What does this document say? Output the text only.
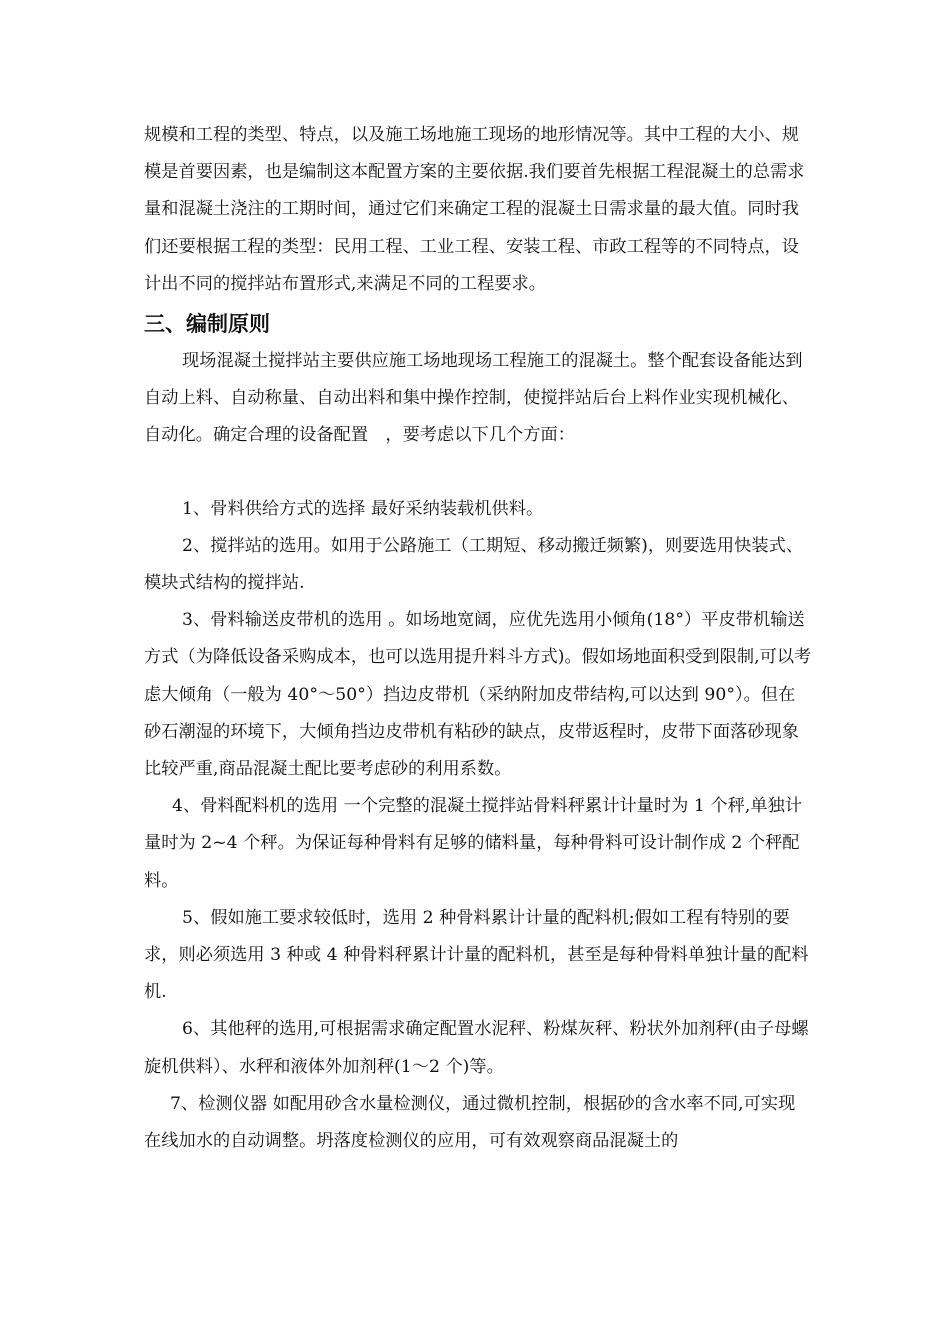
规模和工程的类型、特点，以及施工场地施工现场的地形情况等。其中工程的大小、规模是首要因素，也是编制这本配置方案的主要依据.我们要首先根据工程混凝土的总需求量和混凝土浇注的工期时间，通过它们来确定工程的混凝土日需求量的最大值。同时我们还要根据工程的类型：民用工程、工业工程、安装工程、市政工程等的不同特点，设计出不同的搅拌站布置形式,来满足不同的工程要求。

三、编制原则

现场混凝土搅拌站主要供应施工场地现场工程施工的混凝土。整个配套设备能达到自动上料、自动称量、自动出料和集中操作控制，使搅拌站后台上料作业实现机械化、自动化。确定合理的设备配置　，要考虑以下几个方面：

1、骨料供给方式的选择 最好采纳装载机供料。

2、搅拌站的选用。如用于公路施工（工期短、移动搬迁频繁)，则要选用快装式、模块式结构的搅拌站.

3、骨料输送皮带机的选用 。如场地宽阔，应优先选用小倾角(18°）平皮带机输送方式（为降低设备采购成本，也可以选用提升料斗方式)。假如场地面积受到限制,可以考虑大倾角（一般为 40°～50°）挡边皮带机（采纳附加皮带结构,可以达到 90°）。但在砂石潮湿的环境下，大倾角挡边皮带机有粘砂的缺点，皮带返程时，皮带下面落砂现象比较严重,商品混凝土配比要考虑砂的利用系数。

4、骨料配料机的选用 一个完整的混凝土搅拌站骨料秤累计计量时为 1 个秤,单独计量时为 2~4 个秤。为保证每种骨料有足够的储料量，每种骨料可设计制作成 2 个秤配料。

5、假如施工要求较低时，选用 2 种骨料累计计量的配料机;假如工程有特别的要求，则必须选用 3 种或 4 种骨料秤累计计量的配料机，甚至是每种骨料单独计量的配料机.

6、其他秤的选用,可根据需求确定配置水泥秤、粉煤灰秤、粉状外加剂秤(由子母螺旋机供料）、水秤和液体外加剂秤(1～2 个)等。

7、检测仪器 如配用砂含水量检测仪，通过微机控制，根据砂的含水率不同,可实现在线加水的自动调整。坍落度检测仪的应用，可有效观察商品混凝土的
